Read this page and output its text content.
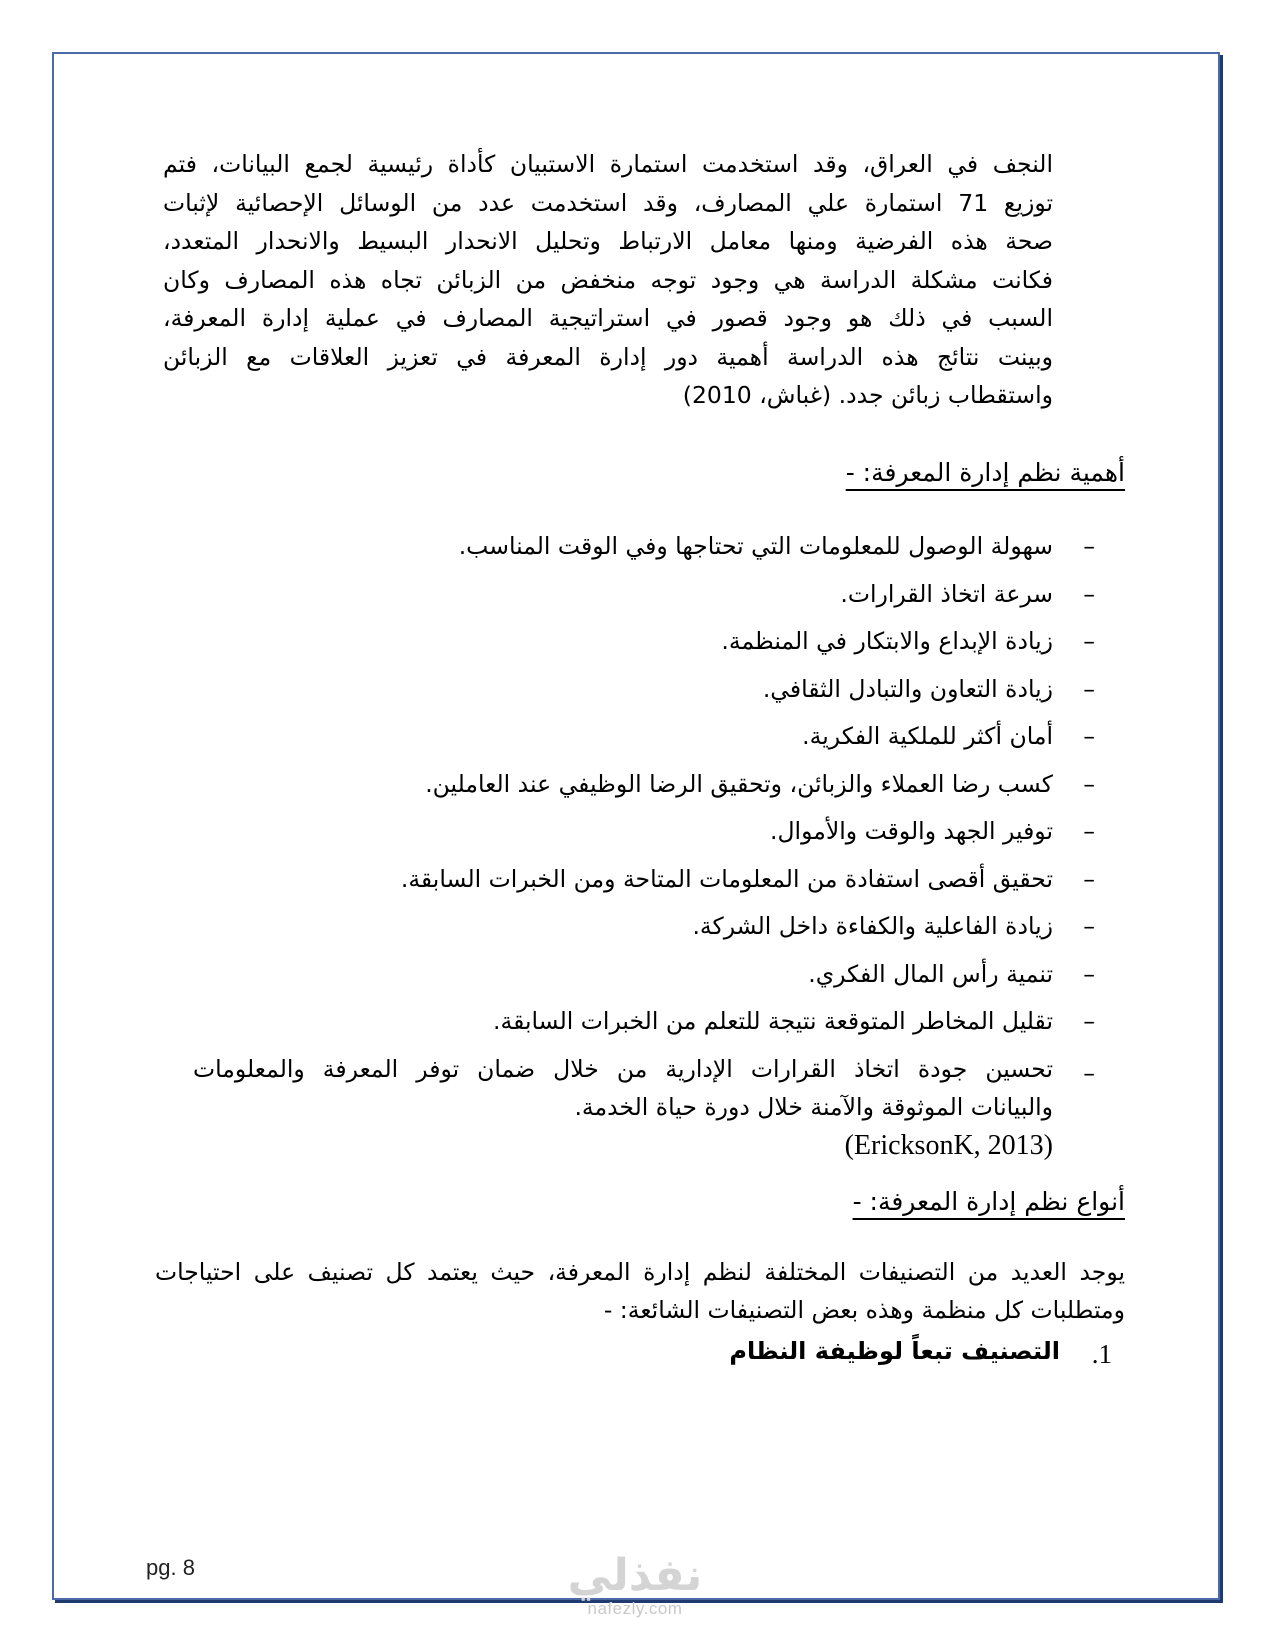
النجف في العراق، وقد استخدمت استمارة الاستبيان كأداة رئيسية لجمع البيانات، فتم
توزيع 71 استمارة علي المصارف، وقد استخدمت عدد من الوسائل الإحصائية لإثبات
صحة هذه الفرضية ومنها معامل الارتباط وتحليل الانحدار البسيط والانحدار المتعدد،
فكانت مشكلة الدراسة هي وجود توجه منخفض من الزبائن تجاه هذه المصارف وكان
السبب في ذلك هو وجود قصور في استراتيجية المصارف في عملية إدارة المعرفة،
وبينت نتائج هذه الدراسة أهمية دور إدارة المعرفة في تعزيز العلاقات مع الزبائن
واستقطاب زبائن جدد. (غباش، 2010)
أهمية نظم إدارة المعرفة: -
–
سهولة الوصول للمعلومات التي تحتاجها وفي الوقت المناسب.
–
سرعة اتخاذ القرارات.
–
زيادة الإبداع والابتكار في المنظمة.
–
زيادة التعاون والتبادل الثقافي.
–
أمان أكثر للملكية الفكرية.
–
كسب رضا العملاء والزبائن، وتحقيق الرضا الوظيفي عند العاملين.
–
توفير الجهد والوقت والأموال.
–
تحقيق أقصى استفادة من المعلومات المتاحة ومن الخبرات السابقة.
–
زيادة الفاعلية والكفاءة داخل الشركة.
–
تنمية رأس المال الفكري.
–
تقليل المخاطر المتوقعة نتيجة للتعلم من الخبرات السابقة.
–
تحسين جودة اتخاذ القرارات الإدارية من خلال ضمان توفر المعرفة والمعلومات
والبيانات الموثوقة والآمنة خلال دورة حياة الخدمة.
(EricksonK, 2013)
أنواع نظم إدارة المعرفة: -
يوجد العديد من التصنيفات المختلفة لنظم إدارة المعرفة، حيث يعتمد كل تصنيف على احتياجات
ومتطلبات كل منظمة وهذه بعض التصنيفات الشائعة: -
1.
التصنيف تبعاً لوظيفة النظام
pg. 8	نفذلي
nafezly.com
